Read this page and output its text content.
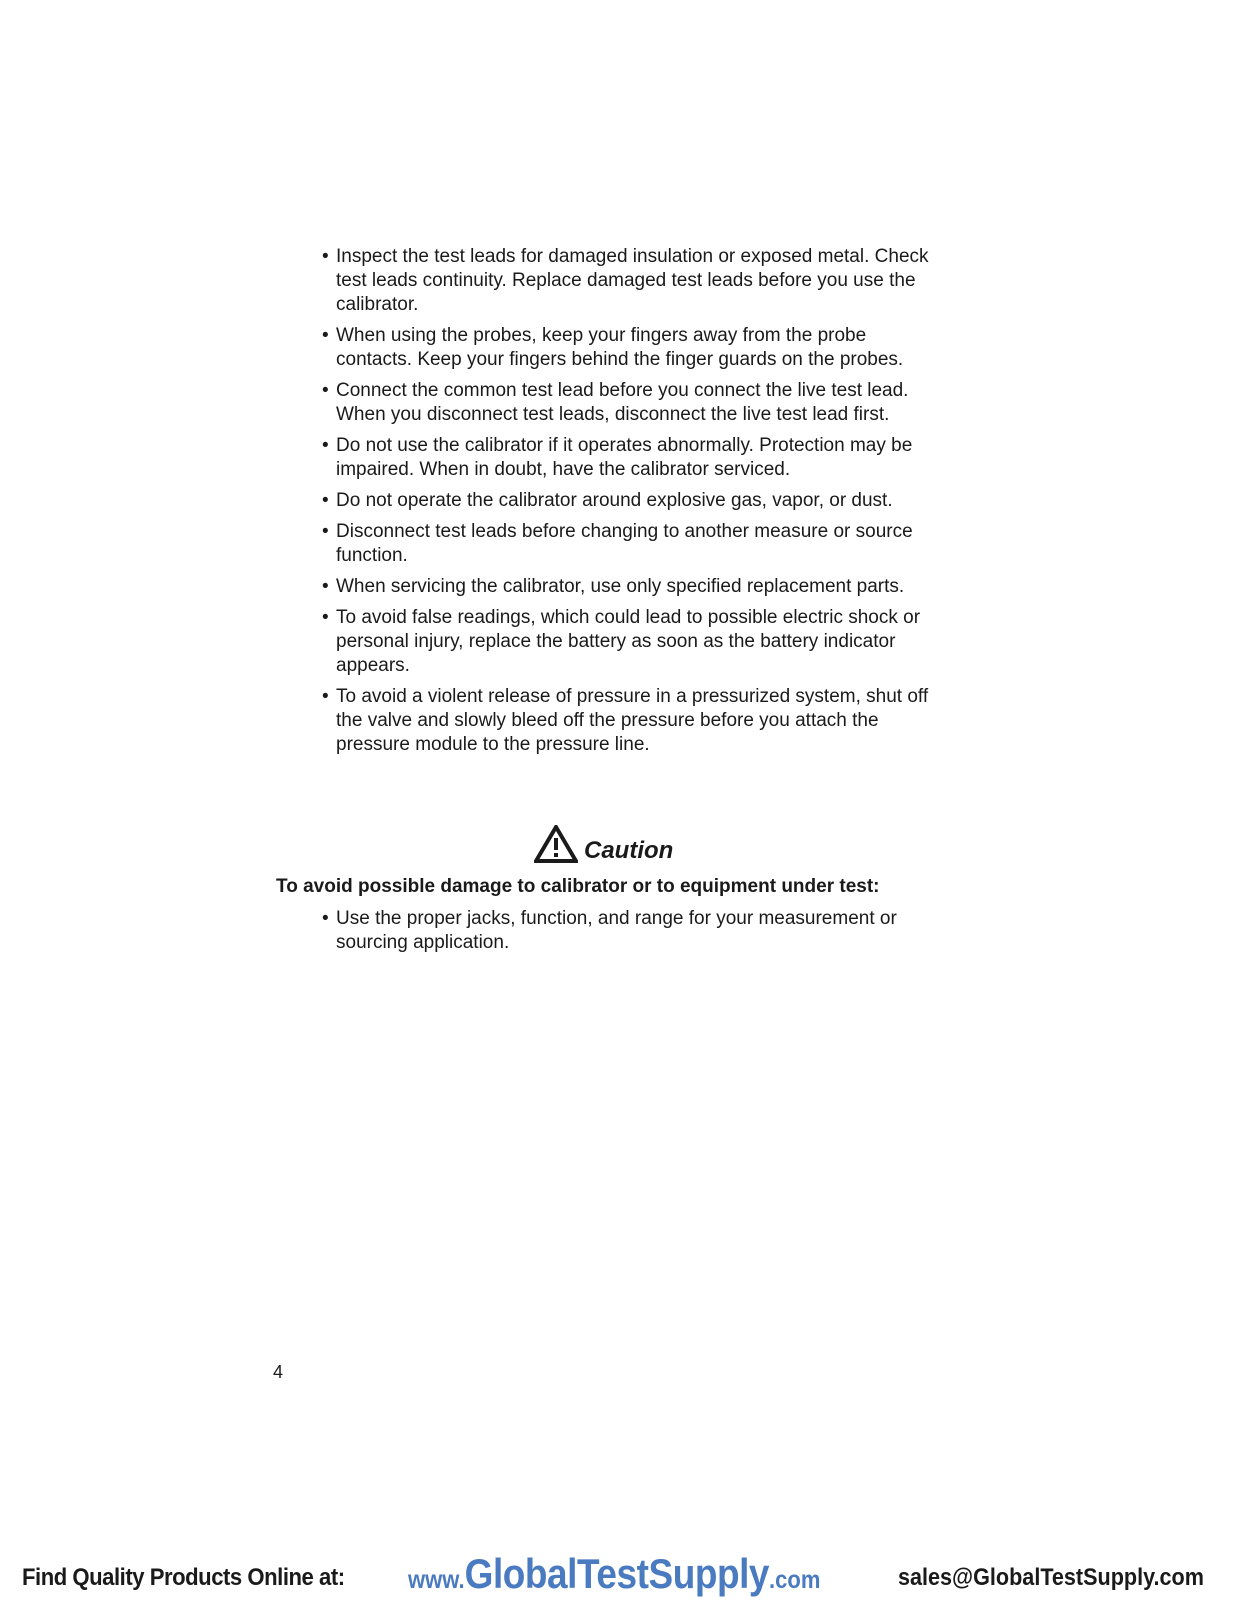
• Inspect the test leads for damaged insulation or exposed metal. Check test leads continuity. Replace damaged test leads before you use the calibrator.
• When using the probes, keep your fingers away from the probe contacts. Keep your fingers behind the finger guards on the probes.
• Connect the common test lead before you connect the live test lead. When you disconnect test leads, disconnect the live test lead first.
• Do not use the calibrator if it operates abnormally. Protection may be impaired. When in doubt, have the calibrator serviced.
• Do not operate the calibrator around explosive gas, vapor, or dust.
• Disconnect test leads before changing to another measure or source function.
• When servicing the calibrator, use only specified replacement parts.
• To avoid false readings, which could lead to possible electric shock or personal injury, replace the battery as soon as the battery indicator appears.
• To avoid a violent release of pressure in a pressurized system, shut off the valve and slowly bleed off the pressure before you attach the pressure module to the pressure line.
Caution
To avoid possible damage to calibrator or to equipment under test:
• Use the proper jacks, function, and range for your measurement or sourcing application.
4
Find Quality Products Online at:	www.GlobalTestSupply.com	sales@GlobalTestSupply.com
